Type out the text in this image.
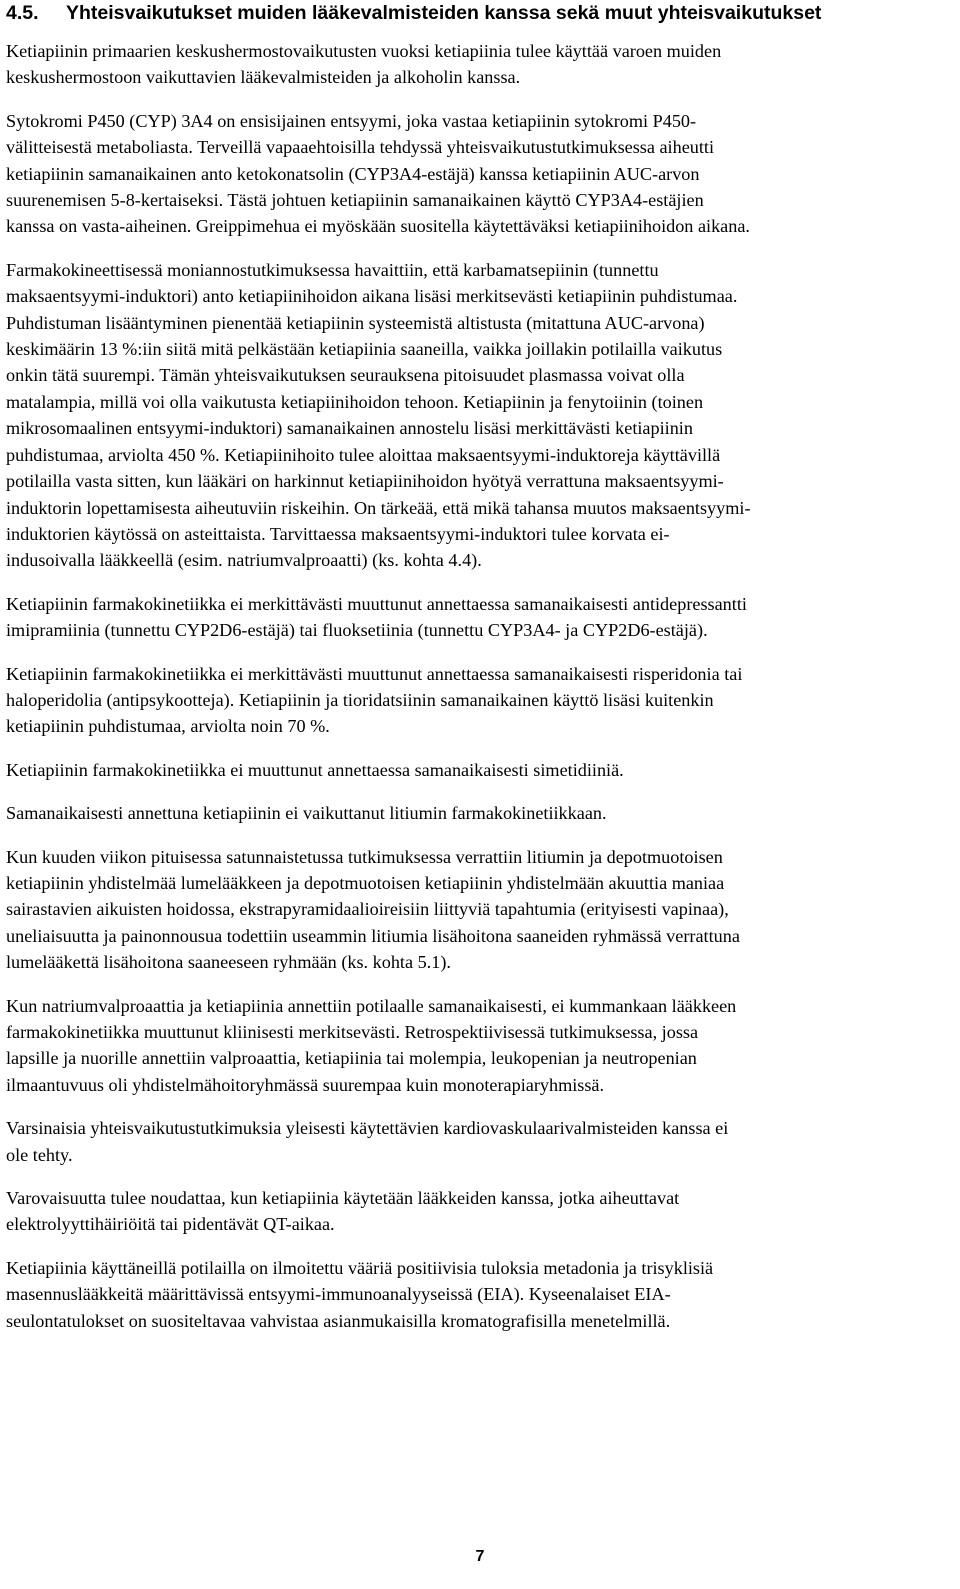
4.5. Yhteisvaikutukset muiden lääkevalmisteiden kanssa sekä muut yhteisvaikutukset

Ketiapiinin primaarien keskushermostovaikutusten vuoksi ketiapiinia tulee käyttää varoen muiden
keskushermostoon vaikuttavien lääkevalmisteiden ja alkoholin kanssa.

Sytokromi P450 (CYP) 3A4 on ensisijainen entsyymi, joka vastaa ketiapiinin sytokromi P450-
välitteisestä metaboliasta. Terveillä vapaaehtoisilla tehdyssä yhteisvaikutustutkimuksessa aiheutti
ketiapiinin samanaikainen anto ketokonatsolin (CYP3A4-estäjä) kanssa ketiapiinin AUC-arvon
suurenemisen 5-8-kertaiseksi. Tästä johtuen ketiapiinin samanaikainen käyttö CYP3A4-estäjien
kanssa on vasta-aiheinen. Greippimehua ei myöskään suositella käytettäväksi ketiapiinihoidon aikana.

Farmakokineettisessä moniannostutkimuksessa havaittiin, että karbamatsepiinin (tunnettu
maksaentsyymi-induktori) anto ketiapiinihoidon aikana lisäsi merkitsevästi ketiapiinin puhdistumaa.
Puhdistuman lisääntyminen pienentää ketiapiinin systeemistä altistusta (mitattuna AUC-arvona)
keskimäärin 13 %:iin siitä mitä pelkästään ketiapiinia saaneilla, vaikka joillakin potilailla vaikutus
onkin tätä suurempi. Tämän yhteisvaikutuksen seurauksena pitoisuudet plasmassa voivat olla
matalampia, millä voi olla vaikutusta ketiapiinihoidon tehoon. Ketiapiinin ja fenytoiinin (toinen
mikrosomaalinen entsyymi-induktori) samanaikainen annostelu lisäsi merkittävästi ketiapiinin
puhdistumaa, arviolta 450 %. Ketiapiinihoito tulee aloittaa maksaentsyymi-induktoreja käyttävillä
potilailla vasta sitten, kun lääkäri on harkinnut ketiapiinihoidon hyötyä verrattuna maksaentsyymi-
induktorin lopettamisesta aiheutuviin riskeihin. On tärkeää, että mikä tahansa muutos maksaentsyymi-
induktorien käytössä on asteittaista. Tarvittaessa maksaentsyymi-induktori tulee korvata ei-
indusoivalla lääkkeellä (esim. natriumvalproaatti) (ks. kohta 4.4).

Ketiapiinin farmakokinetiikka ei merkittävästi muuttunut annettaessa samanaikaisesti antidepressantti
imipramiinia (tunnettu CYP2D6-estäjä) tai fluoksetiinia (tunnettu CYP3A4- ja CYP2D6-estäjä).

Ketiapiinin farmakokinetiikka ei merkittävästi muuttunut annettaessa samanaikaisesti risperidonia tai
haloperidolia (antipsykootteja). Ketiapiinin ja tioridatsiinin samanaikainen käyttö lisäsi kuitenkin
ketiapiinin puhdistumaa, arviolta noin 70 %.

Ketiapiinin farmakokinetiikka ei muuttunut annettaessa samanaikaisesti simetidiiniä.

Samanaikaisesti annettuna ketiapiinin ei vaikuttanut litiumin farmakokinetiikkaan.

Kun kuuden viikon pituisessa satunnaistetussa tutkimuksessa verrattiin litiumin ja depotmuotoisen
ketiapiinin yhdistelmää lumelääkkeen ja depotmuotoisen ketiapiinin yhdistelmään akuuttia maniaa
sairastavien aikuisten hoidossa, ekstrapyramidaalioireisiin liittyviä tapahtumia (erityisesti vapinaa),
uneliaisuutta ja painonnousua todettiin useammin litiumia lisähoitona saaneiden ryhmässä verrattuna
lumelääkettä lisähoitona saaneeseen ryhmään (ks. kohta 5.1).

Kun natriumvalproaattia ja ketiapiinia annettiin potilaalle samanaikaisesti, ei kummankaan lääkkeen
farmakokinetiikka muuttunut kliinisesti merkitsevästi. Retrospektiivisessä tutkimuksessa, jossa
lapsille ja nuorille annettiin valproaattia, ketiapiinia tai molempia, leukopenian ja neutropenian
ilmaantuvuus oli yhdistelmähoitoryhmässä suurempaa kuin monoterapiaryhmissä.

Varsinaisia yhteisvaikutustutkimuksia yleisesti käytettävien kardiovaskulaarivalmisteiden kanssa ei
ole tehty.

Varovaisuutta tulee noudattaa, kun ketiapiinia käytetään lääkkeiden kanssa, jotka aiheuttavat
elektrolyyttihäiriöitä tai pidentävät QT-aikaa.

Ketiapiinia käyttäneillä potilailla on ilmoitettu vääriä positiivisia tuloksia metadonia ja trisyklisiä
masennuslääkkeitä määrittävissä entsyymi-immunoanalyyseissä (EIA). Kyseenalaiset EIA-
seulontatulokset on suositeltavaa vahvistaa asianmukaisilla kromatografisilla menetelmillä.

7
